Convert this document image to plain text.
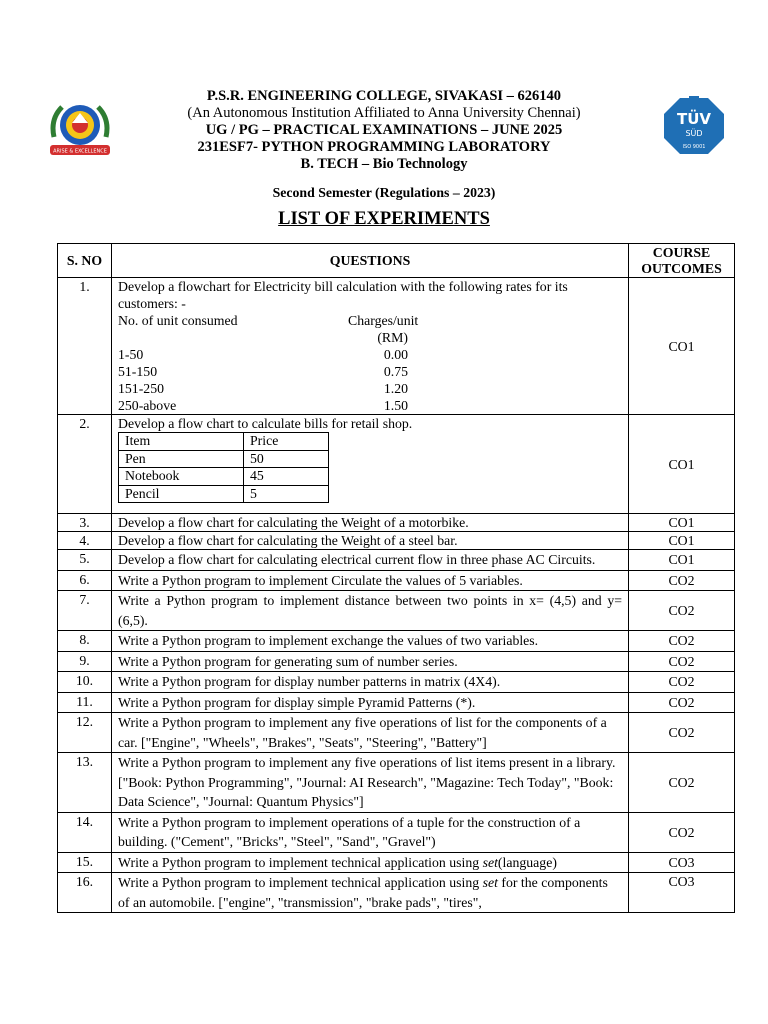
ARISE & EXCELLENCE
TÜV
SÜD
ISO 9001
P.S.R. ENGINEERING COLLEGE, SIVAKASI – 626140
(An Autonomous Institution Affiliated to Anna University Chennai)
UG / PG – PRACTICAL EXAMINATIONS – JUNE 2025
231ESF7- PYTHON PROGRAMMING LABORATORY
B. TECH – Bio Technology
Second Semester (Regulations – 2023)
LIST OF EXPERIMENTS
S. NO	QUESTIONS	COURSE
OUTCOMES
1.	Develop a flowchart for Electricity bill calculation with the following rates for its
customers: -
No. of unit consumed	Charges/unit (RM)
1-50	0.00
51-150	0.75
151-250	1.20
250-above	1.50
	CO1
2.	Develop a flow chart to calculate bills for retail shop.
Item	Price
Pen	50
Notebook	45
Pencil	5
	CO1
3.	Develop a flow chart for calculating the Weight of a motorbike.	CO1
4.	Develop a flow chart for calculating the Weight of a steel bar.	CO1
5.	Develop a flow chart for calculating electrical current flow in three phase AC Circuits.	CO1
6.	Write a Python program to implement Circulate the values of 5 variables.	CO2
7.	Write a Python program to implement distance between two points in x= (4,5) and y= (6,5).	CO2
8.	Write a Python program to implement exchange the values of two variables.	CO2
9.	Write a Python program for generating sum of number series.	CO2
10.	Write a Python program for display number patterns in matrix (4X4).	CO2
11.	Write a Python program for display simple Pyramid Patterns (*).	CO2
12.	Write a Python program to implement any five operations of list for the components of a car. ["Engine", "Wheels", "Brakes", "Seats", "Steering", "Battery"]	CO2
13.	Write a Python program to implement any five operations of list items present in a library. ["Book: Python Programming", "Journal: AI Research", "Magazine: Tech Today", "Book: Data Science", "Journal: Quantum Physics"]	CO2
14.	Write a Python program to implement operations of a tuple for the construction of a building. ("Cement", "Bricks", "Steel", "Sand", "Gravel")	CO2
15.	Write a Python program to implement technical application using set(language)	CO3
16.	Write a Python program to implement technical application using set for the components of an automobile. ["engine", "transmission", "brake pads", "tires",	CO3
